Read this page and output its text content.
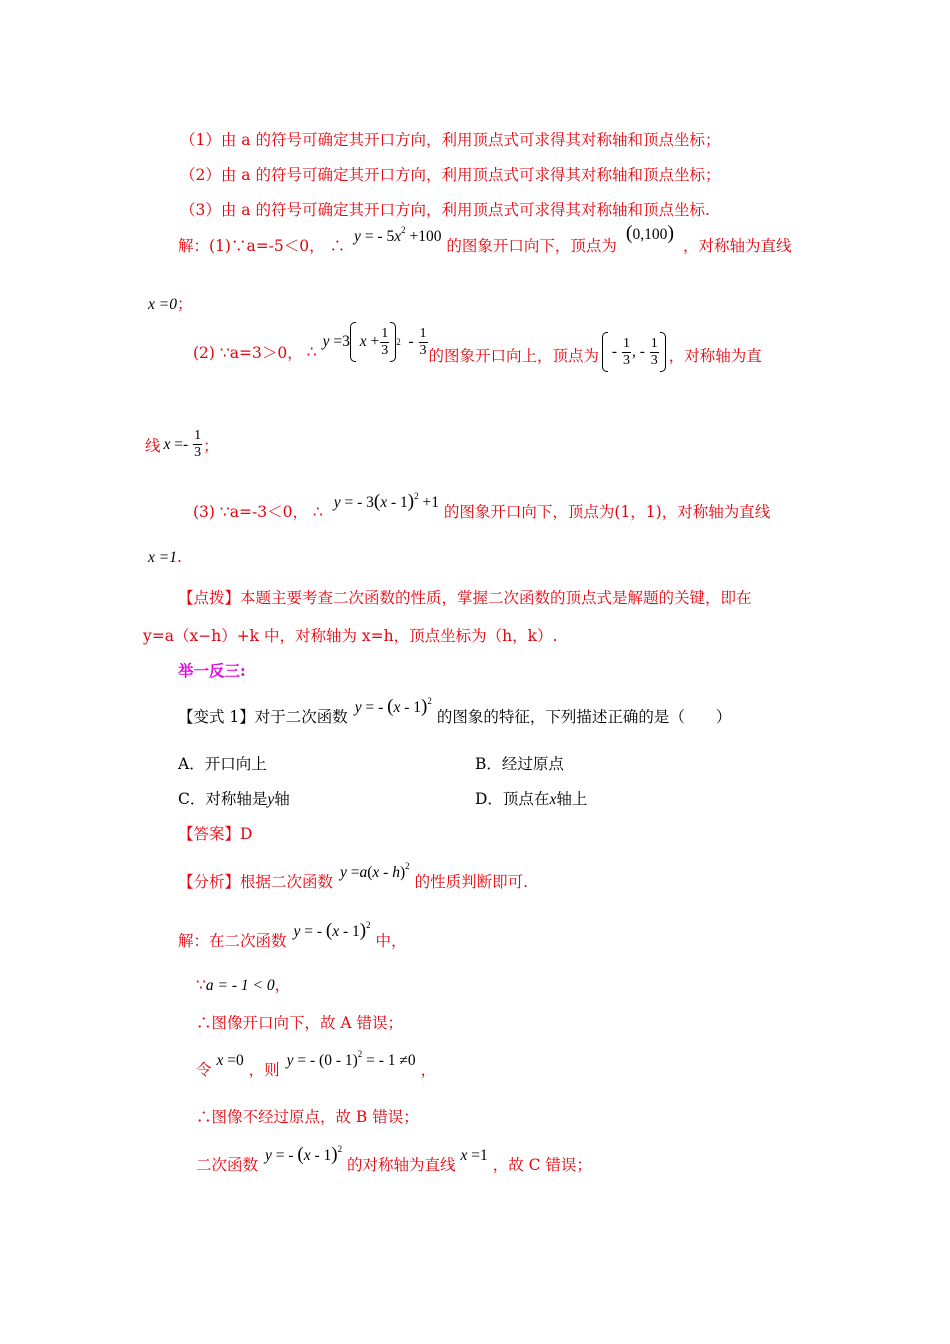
（1）由 a 的符号可确定其开口方向，利用顶点式可求得其对称轴和顶点坐标；
（2）由 a 的符号可确定其开口方向，利用顶点式可求得其对称轴和顶点坐标；
（3）由 a 的符号可确定其开口方向，利用顶点式可求得其对称轴和顶点坐标.
解：(1)∵a=-5＜0， ∴ y = - $5x^2 +100$ 的图象开口向下，顶点为 (0,100) ，对称轴为直线
x =0；
(2) ∵a=3＞0， ∴
y =3 $x + \frac{1}{3} 2 - \frac{1}{3}$ 的图象开口向上，顶点为 - $\frac{1}{3}$ , - $\frac{1}{3}$ ，对称轴为直
线 $x =- \frac{1}{3}$ ；
(3) ∵a=-3＜0， ∴ y = - 3(x - 1)$^2$ +1 的图象开口向下，顶点为(1，1)，对称轴为直线
x =1.
【点拨】本题主要考查二次函数的性质，掌握二次函数的顶点式是解题的关键，即在
y=a（x−h）+k 中，对称轴为 x=h，顶点坐标为（h，k）.
举一反三:
【变式 1】对于二次函数 y = - (x - 1)$^2$ 的图象的特征，下列描述正确的是（　　）
A．开口向上	B．经过原点
C．对称轴是y轴	D．顶点在x轴上
【答案】D
【分析】根据二次函数 y =a(x - h)$^2$ 的性质判断即可.
解：在二次函数 y = - (x - 1)$^2$ 中，
∵a = - 1 < 0，
∴图像开口向下，故 A 错误；
令 x =0 ，则 y = - (0 - 1)$^2$ = - 1 ≠0 ，
∴图像不经过原点，故 B 错误；
二次函数 y = - (x - 1)$^2$ 的对称轴为直线 x =1 ，故 C 错误；
